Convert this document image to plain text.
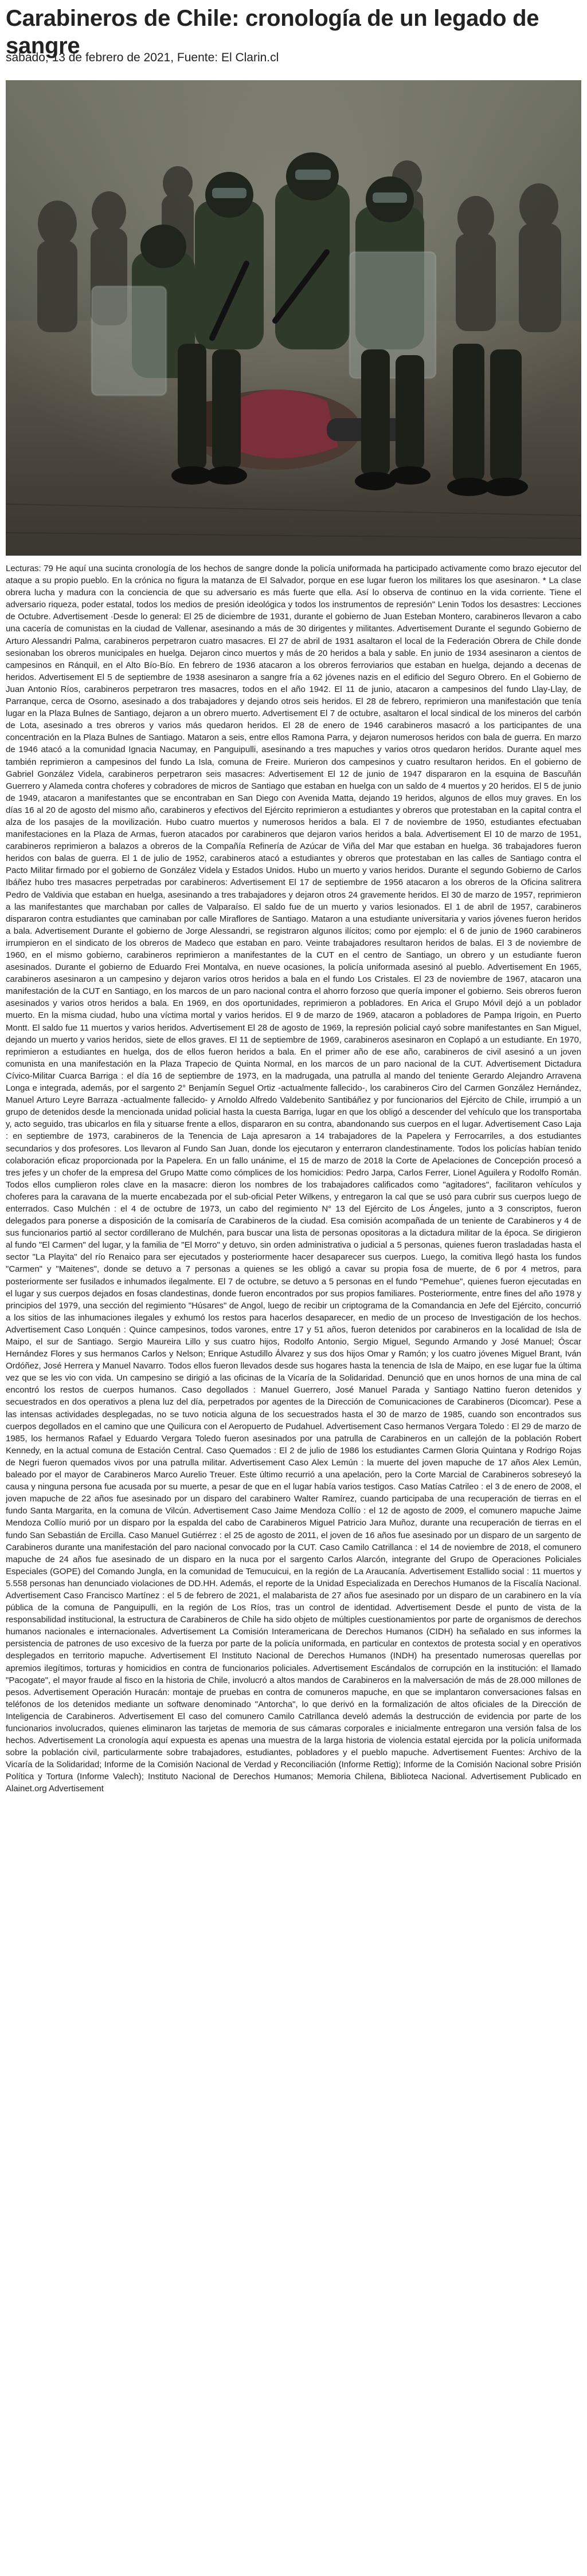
Carabineros de Chile: cronología de un legado de sangre
sábado, 13 de febrero de 2021, Fuente: El Clarin.cl

Lecturas: 79 He aquí una sucinta cronología de los hechos de sangre donde la policía uniformada ha participado activamente como brazo ejecutor del ataque a su propio pueblo. En la crónica no figura la matanza de El Salvador, porque en ese lugar fueron los militares los que asesinaron. * La clase obrera lucha y madura con la conciencia de que su adversario es más fuerte que ella. Así lo observa de continuo en la vida corriente. Tiene el adversario riqueza, poder estatal, todos los medios de presión ideológica y todos los instrumentos de represión" Lenin Todos los desastres: Lecciones de Octubre. Advertisement ·Desde lo general: El 25 de diciembre de 1931, durante el gobierno de Juan Esteban Montero, carabineros llevaron a cabo una cacería de comunistas en la ciudad de Vallenar, asesinando a más de 30 dirigentes y militantes. Advertisement Durante el segundo Gobierno de Arturo Alessandri Palma, carabineros perpetraron cuatro masacres. El 27 de abril de 1931 asaltaron el local de la Federación Obrera de Chile donde sesionaban los obreros municipales en huelga. Dejaron cinco muertos y más de 20 heridos a bala y sable. En junio de 1934 asesinaron a cientos de campesinos en Ránquil, en el Alto Bío-Bío. En febrero de 1936 atacaron a los obreros ferroviarios que estaban en huelga, dejando a decenas de heridos. Advertisement El 5 de septiembre de 1938 asesinaron a sangre fría a 62 jóvenes nazis en el edificio del Seguro Obrero. En el Gobierno de Juan Antonio Ríos, carabineros perpetraron tres masacres, todos en el año 1942. El 11 de junio, atacaron a campesinos del fundo Llay-Llay, de Parranque, cerca de Osorno, asesinado a dos trabajadores y dejando otros seis heridos. El 28 de febrero, reprimieron una manifestación que tenía lugar en la Plaza Bulnes de Santiago, dejaron a un obrero muerto. Advertisement El 7 de octubre, asaltaron el local sindical de los mineros del carbón de Lota, asesinado a tres obreros y varios más quedaron heridos. El 28 de enero de 1946 carabineros masacró a los participantes de una concentración en la Plaza Bulnes de Santiago. Mataron a seis, entre ellos Ramona Parra, y dejaron numerosos heridos con bala de guerra. En marzo de 1946 atacó a la comunidad Ignacia Nacumay, en Panguipulli, asesinando a tres mapuches y varios otros quedaron heridos. Durante aquel mes también reprimieron a campesinos del fundo La Isla, comuna de Freire. Murieron dos campesinos y cuatro resultaron heridos. En el gobierno de Gabriel González Videla, carabineros perpetraron seis masacres: Advertisement El 12 de junio de 1947 dispararon en la esquina de Bascuñán Guerrero y Alameda contra choferes y cobradores de micros de Santiago que estaban en huelga con un saldo de 4 muertos y 20 heridos. El 5 de junio de 1949, atacaron a manifestantes que se encontraban en San Diego con Avenida Matta, dejando 19 heridos, algunos de ellos muy graves. En los días 16 al 20 de agosto del mismo año, carabineros y efectivos del Ejército reprimieron a estudiantes y obreros que protestaban en la capital contra el alza de los pasajes de la movilización. Hubo cuatro muertos y numerosos heridos a bala. El 7 de noviembre de 1950, estudiantes efectuaban manifestaciones en la Plaza de Armas, fueron atacados por carabineros que dejaron varios heridos a bala. Advertisement El 10 de marzo de 1951, carabineros reprimieron a balazos a obreros de la Compañía Refinería de Azúcar de Viña del Mar que estaban en huelga. 36 trabajadores fueron heridos con balas de guerra. El 1 de julio de 1952, carabineros atacó a estudiantes y obreros que protestaban en las calles de Santiago contra el Pacto Militar firmado por el gobierno de González Videla y Estados Unidos. Hubo un muerto y varios heridos. Durante el segundo Gobierno de Carlos Ibáñez hubo tres masacres perpetradas por carabineros: Advertisement El 17 de septiembre de 1956 atacaron a los obreros de la Oficina salitrera Pedro de Valdivia que estaban en huelga, asesinando a tres trabajadores y dejaron otros 24 gravemente heridos. El 30 de marzo de 1957, reprimieron a las manifestantes que marchaban por calles de Valparaíso. El saldo fue de un muerto y varios lesionados. El 1 de abril de 1957, carabineros dispararon contra estudiantes que caminaban por calle Miraflores de Santiago. Mataron a una estudiante universitaria y varios jóvenes fueron heridos a bala. Advertisement Durante el gobierno de Jorge Alessandri, se registraron algunos ilícitos; como por ejemplo: el 6 de junio de 1960 carabineros irrumpieron en el sindicato de los obreros de Madeco que estaban en paro. Veinte trabajadores resultaron heridos de balas. El 3 de noviembre de 1960, en el mismo gobierno, carabineros reprimieron a manifestantes de la CUT en el centro de Santiago, un obrero y un estudiante fueron asesinados. Durante el gobierno de Eduardo Frei Montalva, en nueve ocasiones, la policía uniformada asesinó al pueblo. Advertisement En 1965, carabineros asesinaron a un campesino y dejaron varios otros heridos a bala en el fundo Los Cristales. El 23 de noviembre de 1967, atacaron una manifestación de la CUT en Santiago, en los marcos de un paro nacional contra el ahorro forzoso que quería imponer el gobierno. Seis obreros fueron asesinados y varios otros heridos a bala. En 1969, en dos oportunidades, reprimieron a pobladores. En Arica el Grupo Móvil dejó a un poblador muerto. En la misma ciudad, hubo una víctima mortal y varios heridos. El 9 de marzo de 1969, atacaron a pobladores de Pampa Irigoin, en Puerto Montt. El saldo fue 11 muertos y varios heridos. Advertisement El 28 de agosto de 1969, la represión policial cayó sobre manifestantes en San Miguel, dejando un muerto y varios heridos, siete de ellos graves. El 11 de septiembre de 1969, carabineros asesinaron en Coplapó a un estudiante. En 1970, reprimieron a estudiantes en huelga, dos de ellos fueron heridos a bala. En el primer año de ese año, carabineros de civil asesinó a un joven comunista en una manifestación en la Plaza Trapecio de Quinta Normal, en los marcos de un paro nacional de la CUT. Advertisement Dictadura Cívico-Militar Cuarca Barriga : el día 16 de septiembre de 1973, en la madrugada, una patrulla al mando del teniente Gerardo Alejandro Arravena Longa e integrada, además, por el sargento 2° Benjamín Seguel Ortiz -actualmente fallecido-, los carabineros Ciro del Carmen González Hernández, Manuel Arturo Leyre Barraza -actualmente fallecido- y Arnoldo Alfredo Valdebenito Santibáñez y por funcionarios del Ejército de Chile, irrumpió a un grupo de detenidos desde la mencionada unidad policial hasta la cuesta Barriga, lugar en que los obligó a descender del vehículo que los transportaba y, acto seguido, tras ubicarlos en fila y situarse frente a ellos, dispararon en su contra, abandonando sus cuerpos en el lugar. Advertisement Caso Laja : en septiembre de 1973, carabineros de la Tenencia de Laja apresaron a 14 trabajadores de la Papelera y Ferrocarriles, a dos estudiantes secundarios y dos profesores. Los llevaron al Fundo San Juan, donde los ejecutaron y enterraron clandestinamente. Todos los policías habían tenido colaboración eficaz proporcionada por la Papelera. En un fallo unánime, el 15 de marzo de 2018 la Corte de Apelaciones de Concepción procesó a tres jefes y un chofer de la empresa del Grupo Matte como cómplices de los homicidios: Pedro Jarpa, Carlos Ferrer, Lionel Aguilera y Rodolfo Román. Todos ellos cumplieron roles clave en la masacre: dieron los nombres de los trabajadores calificados como "agitadores", facilitaron vehículos y choferes para la caravana de la muerte encabezada por el sub-oficial Peter Wilkens, y entregaron la cal que se usó para cubrir sus cuerpos luego de enterrados. Caso Mulchén : el 4 de octubre de 1973, un cabo del regimiento N° 13 del Ejército de Los Ángeles, junto a 3 conscriptos, fueron delegados para ponerse a disposición de la comisaría de Carabineros de la ciudad. Esa comisión acompañada de un teniente de Carabineros y 4 de sus funcionarios partió al sector cordillerano de Mulchén, para buscar una lista de personas opositoras a la dictadura militar de la época. Se dirigieron al fundo "El Carmen" del lugar, y la familia de "El Morro" y detuvo, sin orden administrativa o judicial a 5 personas, quienes fueron trasladadas hasta el sector "La Playita" del río Renaico para ser ejecutados y posteriormente hacer desaparecer sus cuerpos. Luego, la comitiva llegó hasta los fundos "Carmen" y "Maitenes", donde se detuvo a 7 personas a quienes se les obligó a cavar su propia fosa de muerte, de 6 por 4 metros, para posteriormente ser fusilados e inhumados ilegalmente. El 7 de octubre, se detuvo a 5 personas en el fundo "Pemehue", quienes fueron ejecutadas en el lugar y sus cuerpos dejados en fosas clandestinas, donde fueron encontrados por sus propios familiares. Posteriormente, entre fines del año 1978 y principios del 1979, una sección del regimiento "Húsares" de Angol, luego de recibir un criptograma de la Comandancia en Jefe del Ejército, concurrió a los sitios de las inhumaciones ilegales y exhumó los restos para hacerlos desaparecer, en medio de un proceso de Investigación de los hechos. Advertisement Caso Lonquén : Quince campesinos, todos varones, entre 17 y 51 años, fueron detenidos por carabineros en la localidad de Isla de Maipo, el sur de Santiago. Sergio Maureira Lillo y sus cuatro hijos, Rodolfo Antonio, Sergio Miguel, Segundo Armando y José Manuel; Óscar Hernández Flores y sus hermanos Carlos y Nelson; Enrique Astudillo Álvarez y sus dos hijos Omar y Ramón; y los cuatro jóvenes Miguel Brant, Iván Ordóñez, José Herrera y Manuel Navarro. Todos ellos fueron llevados desde sus hogares hasta la tenencia de Isla de Maipo, en ese lugar fue la última vez que se les vio con vida. Un campesino se dirigió a las oficinas de la Vicaría de la Solidaridad. Denunció que en unos hornos de una mina de cal encontró los restos de cuerpos humanos. Caso degollados : Manuel Guerrero, José Manuel Parada y Santiago Nattino fueron detenidos y secuestrados en dos operativos a plena luz del día, perpetrados por agentes de la Dirección de Comunicaciones de Carabineros (Dicomcar). Pese a las intensas actividades desplegadas, no se tuvo noticia alguna de los secuestrados hasta el 30 de marzo de 1985, cuando son encontrados sus cuerpos degollados en el camino que une Quilicura con el Aeropuerto de Pudahuel. Advertisement Caso hermanos Vergara Toledo : El 29 de marzo de 1985, los hermanos Rafael y Eduardo Vergara Toledo fueron asesinados por una patrulla de Carabineros en un callejón de la población Robert Kennedy, en la actual comuna de Estación Central. Caso Quemados : El 2 de julio de 1986 los estudiantes Carmen Gloria Quintana y Rodrigo Rojas de Negri fueron quemados vivos por una patrulla militar. Advertisement Caso Alex Lemún : la muerte del joven mapuche de 17 años Alex Lemún, baleado por el mayor de Carabineros Marco Aurelio Treuer. Este último recurrió a una apelación, pero la Corte Marcial de Carabineros sobreseyó la causa y ninguna persona fue acusada por su muerte, a pesar de que en el lugar había varios testigos. Caso Matías Catrileo : el 3 de enero de 2008, el joven mapuche de 22 años fue asesinado por un disparo del carabinero Walter Ramírez, cuando participaba de una recuperación de tierras en el fundo Santa Margarita, en la comuna de Vilcún. Advertisement Caso Jaime Mendoza Collío : el 12 de agosto de 2009, el comunero mapuche Jaime Mendoza Collío murió por un disparo por la espalda del cabo de Carabineros Miguel Patricio Jara Muñoz, durante una recuperación de tierras en el fundo San Sebastián de Ercilla. Caso Manuel Gutiérrez : el 25 de agosto de 2011, el joven de 16 años fue asesinado por un disparo de un sargento de Carabineros durante una manifestación del paro nacional convocado por la CUT. Caso Camilo Catrillanca : el 14 de noviembre de 2018, el comunero mapuche de 24 años fue asesinado de un disparo en la nuca por el sargento Carlos Alarcón, integrante del Grupo de Operaciones Policiales Especiales (GOPE) del Comando Jungla, en la comunidad de Temucuicui, en la región de La Araucanía. Advertisement Estallido social : 11 muertos y 5.558 personas han denunciado violaciones de DD.HH. Además, el reporte de la Unidad Especializada en Derechos Humanos de la Fiscalía Nacional. Advertisement Caso Francisco Martínez : el 5 de febrero de 2021, el malabarista de 27 años fue asesinado por un disparo de un carabinero en la vía pública de la comuna de Panguipulli, en la región de Los Ríos, tras un control de identidad. Advertisement Desde el punto de vista de la responsabilidad institucional, la estructura de Carabineros de Chile ha sido objeto de múltiples cuestionamientos por parte de organismos de derechos humanos nacionales e internacionales. Advertisement La Comisión Interamericana de Derechos Humanos (CIDH) ha señalado en sus informes la persistencia de patrones de uso excesivo de la fuerza por parte de la policía uniformada, en particular en contextos de protesta social y en operativos desplegados en territorio mapuche. Advertisement El Instituto Nacional de Derechos Humanos (INDH) ha presentado numerosas querellas por apremios ilegítimos, torturas y homicidios en contra de funcionarios policiales. Advertisement Escándalos de corrupción en la institución: el llamado "Pacogate", el mayor fraude al fisco en la historia de Chile, involucró a altos mandos de Carabineros en la malversación de más de 28.000 millones de pesos. Advertisement Operación Huracán: montaje de pruebas en contra de comuneros mapuche, en que se implantaron conversaciones falsas en teléfonos de los detenidos mediante un software denominado "Antorcha", lo que derivó en la formalización de altos oficiales de la Dirección de Inteligencia de Carabineros. Advertisement El caso del comunero Camilo Catrillanca develó además la destrucción de evidencia por parte de los funcionarios involucrados, quienes eliminaron las tarjetas de memoria de sus cámaras corporales e inicialmente entregaron una versión falsa de los hechos. Advertisement La cronología aquí expuesta es apenas una muestra de la larga historia de violencia estatal ejercida por la policía uniformada sobre la población civil, particularmente sobre trabajadores, estudiantes, pobladores y el pueblo mapuche. Advertisement Fuentes: Archivo de la Vicaría de la Solidaridad; Informe de la Comisión Nacional de Verdad y Reconciliación (Informe Rettig); Informe de la Comisión Nacional sobre Prisión Política y Tortura (Informe Valech); Instituto Nacional de Derechos Humanos; Memoria Chilena, Biblioteca Nacional. Advertisement Publicado en Alainet.org Advertisement
